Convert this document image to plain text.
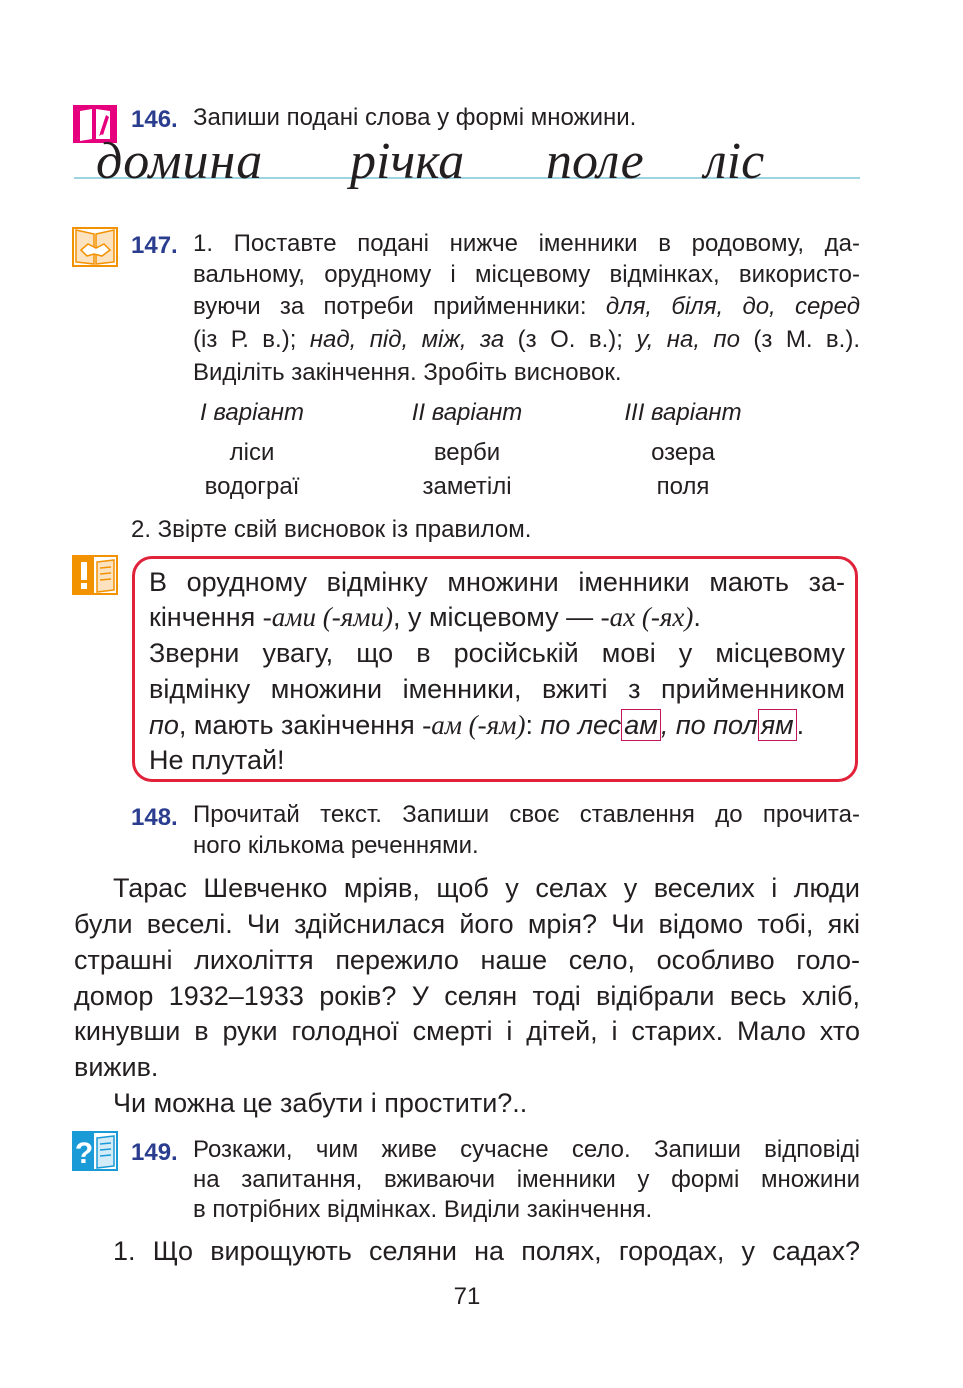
146. Запиши подані слова у формі множини.
домина річка поле ліс
147. 1. Поставте подані нижче іменники в родовому, да-
вальному, орудному і місцевому відмінках, використо-
вуючи за потреби прийменники: для, біля, до, серед
(із Р. в.); над, під, між, за (з О. в.); у, на, по (з М. в.).
Виділіть закінчення. Зробіть висновок.
І варіант
ліси
водограї
ІІ варіант
верби
заметілі
ІІІ варіант
озера
поля
2. Звірте свій висновок із правилом.
В орудному відмінку множини іменники мають за-
кінчення -ами (-ями), у місцевому — -ах (-ях).
Зверни увагу, що в російській мові у місцевому
відмінку множини іменники, вжиті з прийменником
по, мають закінчення -ам (-ям): по лес ам , по пол ям .
Не плутай!
148. Прочитай текст. Запиши своє ставлення до прочита-
ного кількома реченнями.
Тарас Шевченко мріяв, щоб у селах у веселих і люди
були веселі. Чи здійснилася його мрія? Чи відомо тобі, які
страшні лихоліття пережило наше село, особливо голо-
домор 1932–1933 років? У селян тоді відібрали весь хліб,
кинувши в руки голодної смерті і дітей, і старих. Мало хто
вижив.
Чи можна це забути і простити?..
? 149. Розкажи, чим живе сучасне село. Запиши відповіді
на запитання, вживаючи іменники у формі множини
в потрібних відмінках. Виділи закінчення.
1. Що вирощують селяни на полях, городах, у садах?
71
